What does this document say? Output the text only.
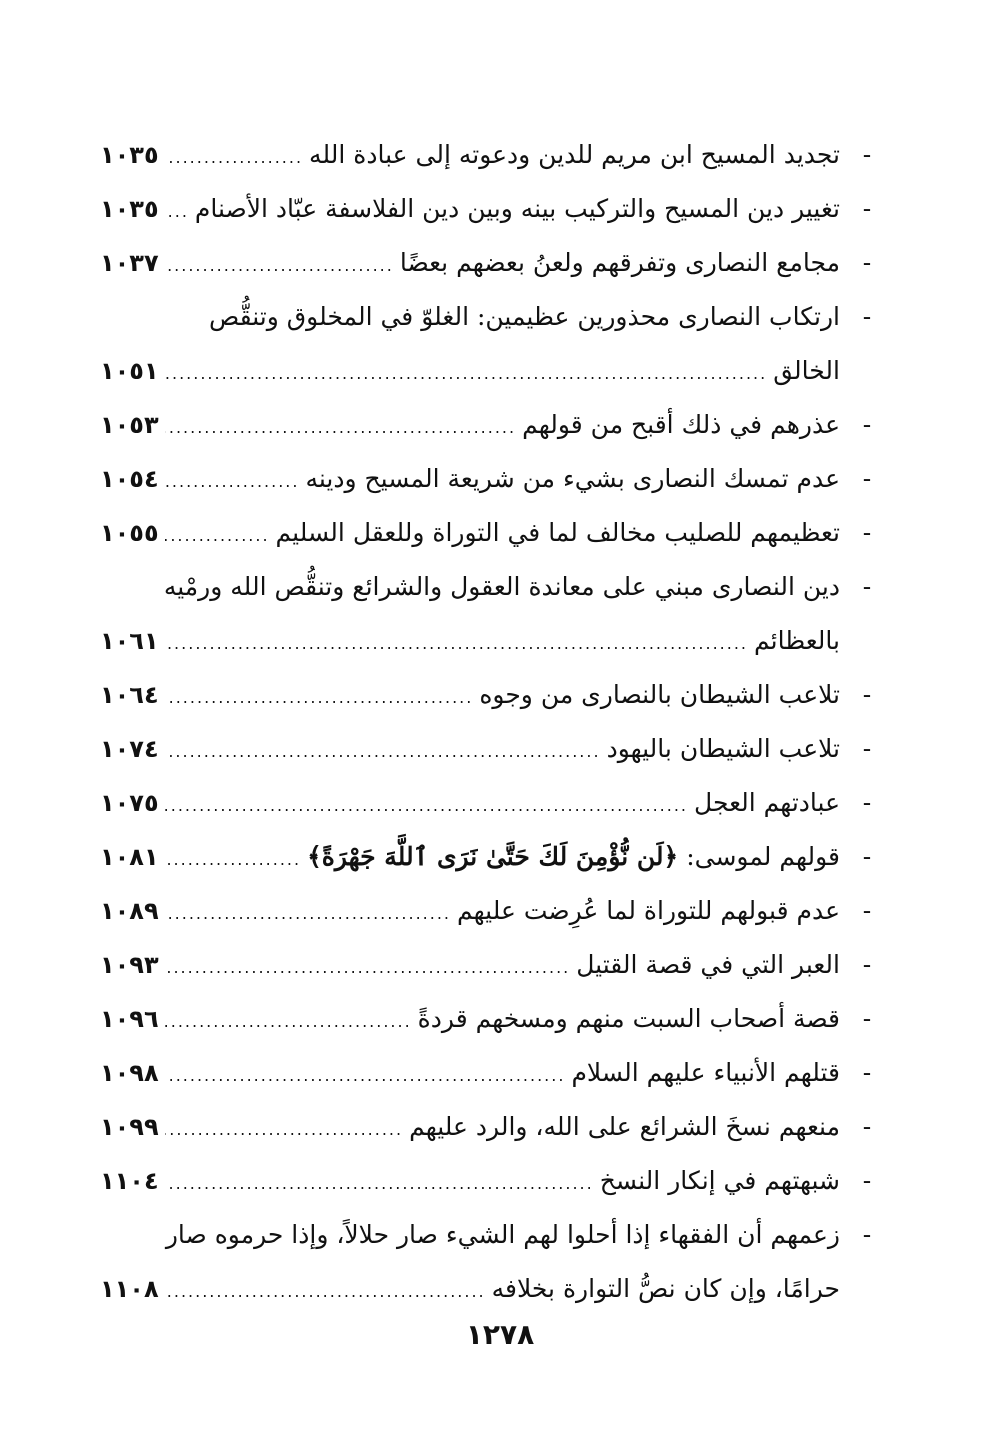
-
تجديد المسيح ابن مريم للدين ودعوته إلى عبادة الله
.....
١٠٣٥
-
تغيير دين المسيح والتركيب بينه وبين دين الفلاسفة عبّاد الأصنام
.....
١٠٣٥
-
مجامع النصارى وتفرقهم ولعنُ بعضهم بعضًا
.....
١٠٣٧
-
ارتكاب النصارى محذورين عظيمين: الغلوّ في المخلوق وتنقُّص
الخالق
.....
١٠٥١
-
عذرهم في ذلك أقبح من قولهم
.....
١٠٥٣
-
عدم تمسك النصارى بشيء من شريعة المسيح ودينه
.....
١٠٥٤
-
تعظيمهم للصليب مخالف لما في التوراة وللعقل السليم
.....
١٠٥٥
-
دين النصارى مبني على معاندة العقول والشرائع وتنقُّص الله ورمْيه
بالعظائم
.....
١٠٦١
-
تلاعب الشيطان بالنصارى من وجوه
.....
١٠٦٤
-
تلاعب الشيطان باليهود
.....
١٠٧٤
-
عبادتهم العجل
.....
١٠٧٥
-
قولهم لموسى:
﴿لَن نُّؤْمِنَ لَكَ حَتَّىٰ نَرَى ٱللَّهَ جَهْرَةً﴾
.....
١٠٨١
-
عدم قبولهم للتوراة لما عُرِضت عليهم
.....
١٠٨٩
-
العبر التي في قصة القتيل
.....
١٠٩٣
-
قصة أصحاب السبت منهم ومسخهم قردةً
.....
١٠٩٦
-
قتلهم الأنبياء عليهم السلام
.....
١٠٩٨
-
منعهم نسخَ الشرائع على الله، والرد عليهم
.....
١٠٩٩
-
شبهتهم في إنكار النسخ
.....
١١٠٤
-
زعمهم أن الفقهاء إذا أحلوا لهم الشيء صار حلالاً، وإذا حرموه صار
حرامًا، وإن كان نصُّ التوارة بخلافه
.....
١١٠٨
١٢٧٨
